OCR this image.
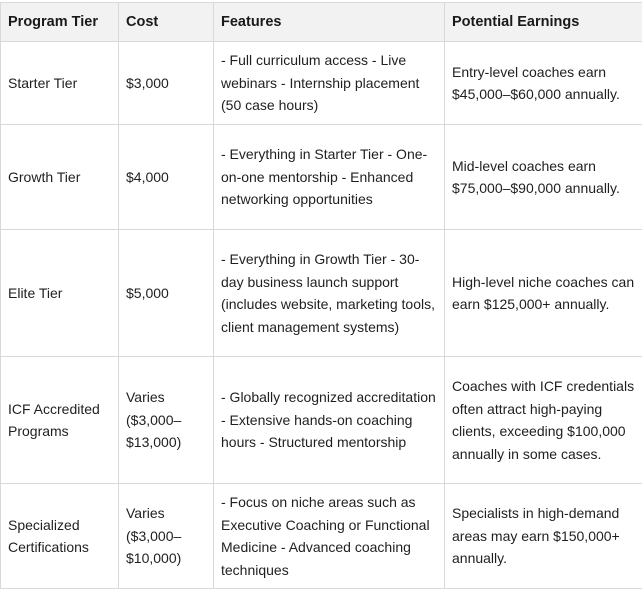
Program Tier	Cost	Features	Potential Earnings
Starter Tier	$3,000	- Full curriculum access - Live webinars - Internship placement (50 case hours)	Entry-level coaches earn $45,000–$60,000 annually.
Growth Tier	$4,000	- Everything in Starter Tier - One-on-one mentorship - Enhanced networking opportunities	Mid-level coaches earn $75,000–$90,000 annually.
Elite Tier	$5,000	- Everything in Growth Tier - 30-day business launch support (includes website, marketing tools, client management systems)	High-level niche coaches can earn $125,000+ annually.
ICF Accredited Programs	Varies ($3,000–$13,000)	- Globally recognized accreditation - Extensive hands-on coaching hours - Structured mentorship	Coaches with ICF credentials often attract high-paying clients, exceeding $100,000 annually in some cases.
Specialized Certifications	Varies ($3,000–$10,000)	- Focus on niche areas such as Executive Coaching or Functional Medicine - Advanced coaching techniques	Specialists in high-demand areas may earn $150,000+ annually.
